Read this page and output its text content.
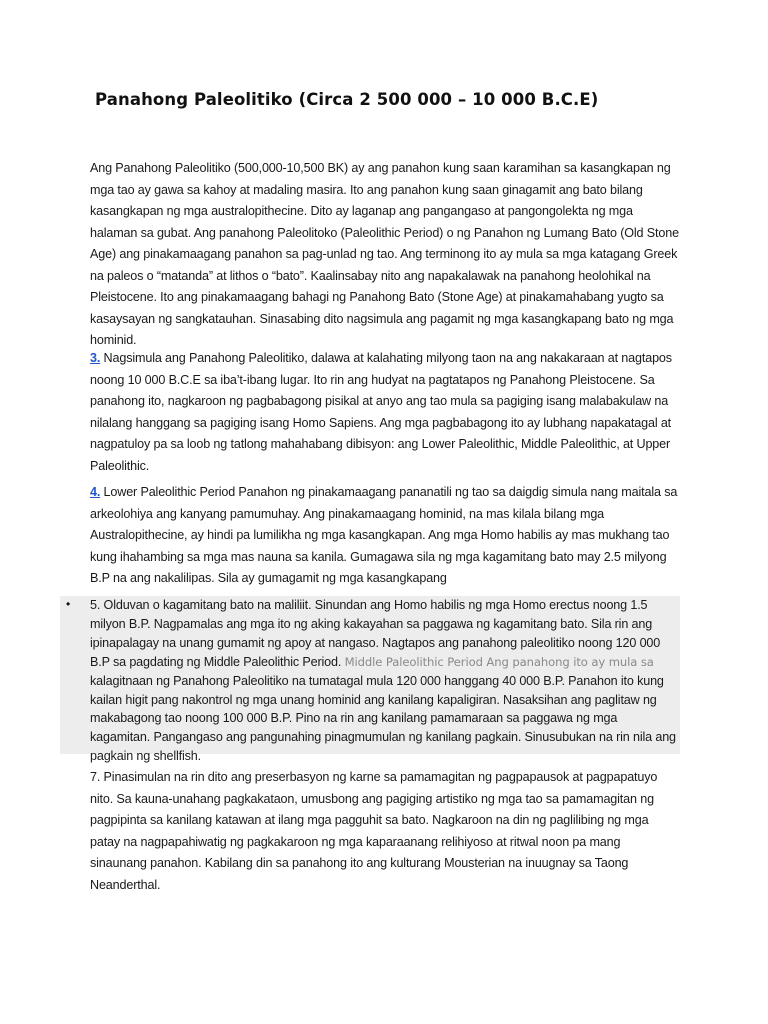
Panahong Paleolitiko (Circa 2 500 000 – 10 000 B.C.E)

Ang Panahong Paleolitiko (500,000-10,500 BK) ay ang panahon kung saan karamihan sa kasangkapan ng mga tao ay gawa sa kahoy at madaling masira. Ito ang panahon kung saan ginagamit ang bato bilang kasangkapan ng mga australopithecine. Dito ay laganap ang pangangaso at pangongolekta ng mga halaman sa gubat. Ang panahong Paleolitoko (Paleolithic Period) o ng Panahon ng Lumang Bato (Old Stone Age) ang pinakamaagang panahon sa pag-unlad ng tao. Ang terminong ito ay mula sa mga katagang Greek na paleos o “matanda” at lithos o “bato”. Kaalinsabay nito ang napakalawak na panahong heolohikal na Pleistocene. Ito ang pinakamaagang bahagi ng Panahong Bato (Stone Age) at pinakamahabang yugto sa kasaysayan ng sangkatauhan. Sinasabing dito nagsimula ang pagamit ng mga kasangkapang bato ng mga hominid.

3. Nagsimula ang Panahong Paleolitiko, dalawa at kalahating milyong taon na ang nakakaraan at nagtapos noong 10 000 B.C.E sa iba’t-ibang lugar. Ito rin ang hudyat na pagtatapos ng Panahong Pleistocene. Sa panahong ito, nagkaroon ng pagbabagong pisikal at anyo ang tao mula sa pagiging isang malabakulaw na nilalang hanggang sa pagiging isang Homo Sapiens. Ang mga pagbabagong ito ay lubhang napakatagal at nagpatuloy pa sa loob ng tatlong mahahabang dibisyon: ang Lower Paleolithic, Middle Paleolithic, at Upper Paleolithic.

4. Lower Paleolithic Period Panahon ng pinakamaagang pananatili ng tao sa daigdig simula nang maitala sa arkeolohiya ang kanyang pamumuhay. Ang pinakamaagang hominid, na mas kilala bilang mga Australopithecine, ay hindi pa lumilikha ng mga kasangkapan. Ang mga Homo habilis ay mas mukhang tao kung ihahambing sa mga mas nauna sa kanila. Gumagawa sila ng mga kagamitang bato may 2.5 milyong B.P na ang nakalilipas. Sila ay gumagamit ng mga kasangkapang

• 5. Olduvan o kagamitang bato na maliliit. Sinundan ang Homo habilis ng mga Homo erectus noong 1.5 milyon B.P. Nagpamalas ang mga ito ng aking kakayahan sa paggawa ng kagamitang bato. Sila rin ang ipinapalagay na unang gumamit ng apoy at nangaso. Nagtapos ang panahong paleolitiko noong 120 000 B.P sa pagdating ng Middle Paleolithic Period. Middle Paleolithic Period Ang panahong ito ay mula sa kalagitnaan ng Panahong Paleolitiko na tumatagal mula 120 000 hanggang 40 000 B.P. Panahon ito kung kailan higit pang nakontrol ng mga unang hominid ang kanilang kapaligiran. Nasaksihan ang paglitaw ng makabagong tao noong 100 000 B.P. Pino na rin ang kanilang pamamaraan sa paggawa ng mga kagamitan. Pangangaso ang pangunahing pinagmumulan ng kanilang pagkain. Sinusubukan na rin nila ang pagkain ng shellfish.

7. Pinasimulan na rin dito ang preserbasyon ng karne sa pamamagitan ng pagpapausok at pagpapatuyo nito. Sa kauna-unahang pagkakataon, umusbong ang pagiging artistiko ng mga tao sa pamamagitan ng pagpipinta sa kanilang katawan at ilang mga pagguhit sa bato. Nagkaroon na din ng paglilibing ng mga patay na nagpapahiwatig ng pagkakaroon ng mga kaparaanang relihiyoso at ritwal noon pa mang sinaunang panahon. Kabilang din sa panahong ito ang kulturang Mousterian na inuugnay sa Taong Neanderthal.
